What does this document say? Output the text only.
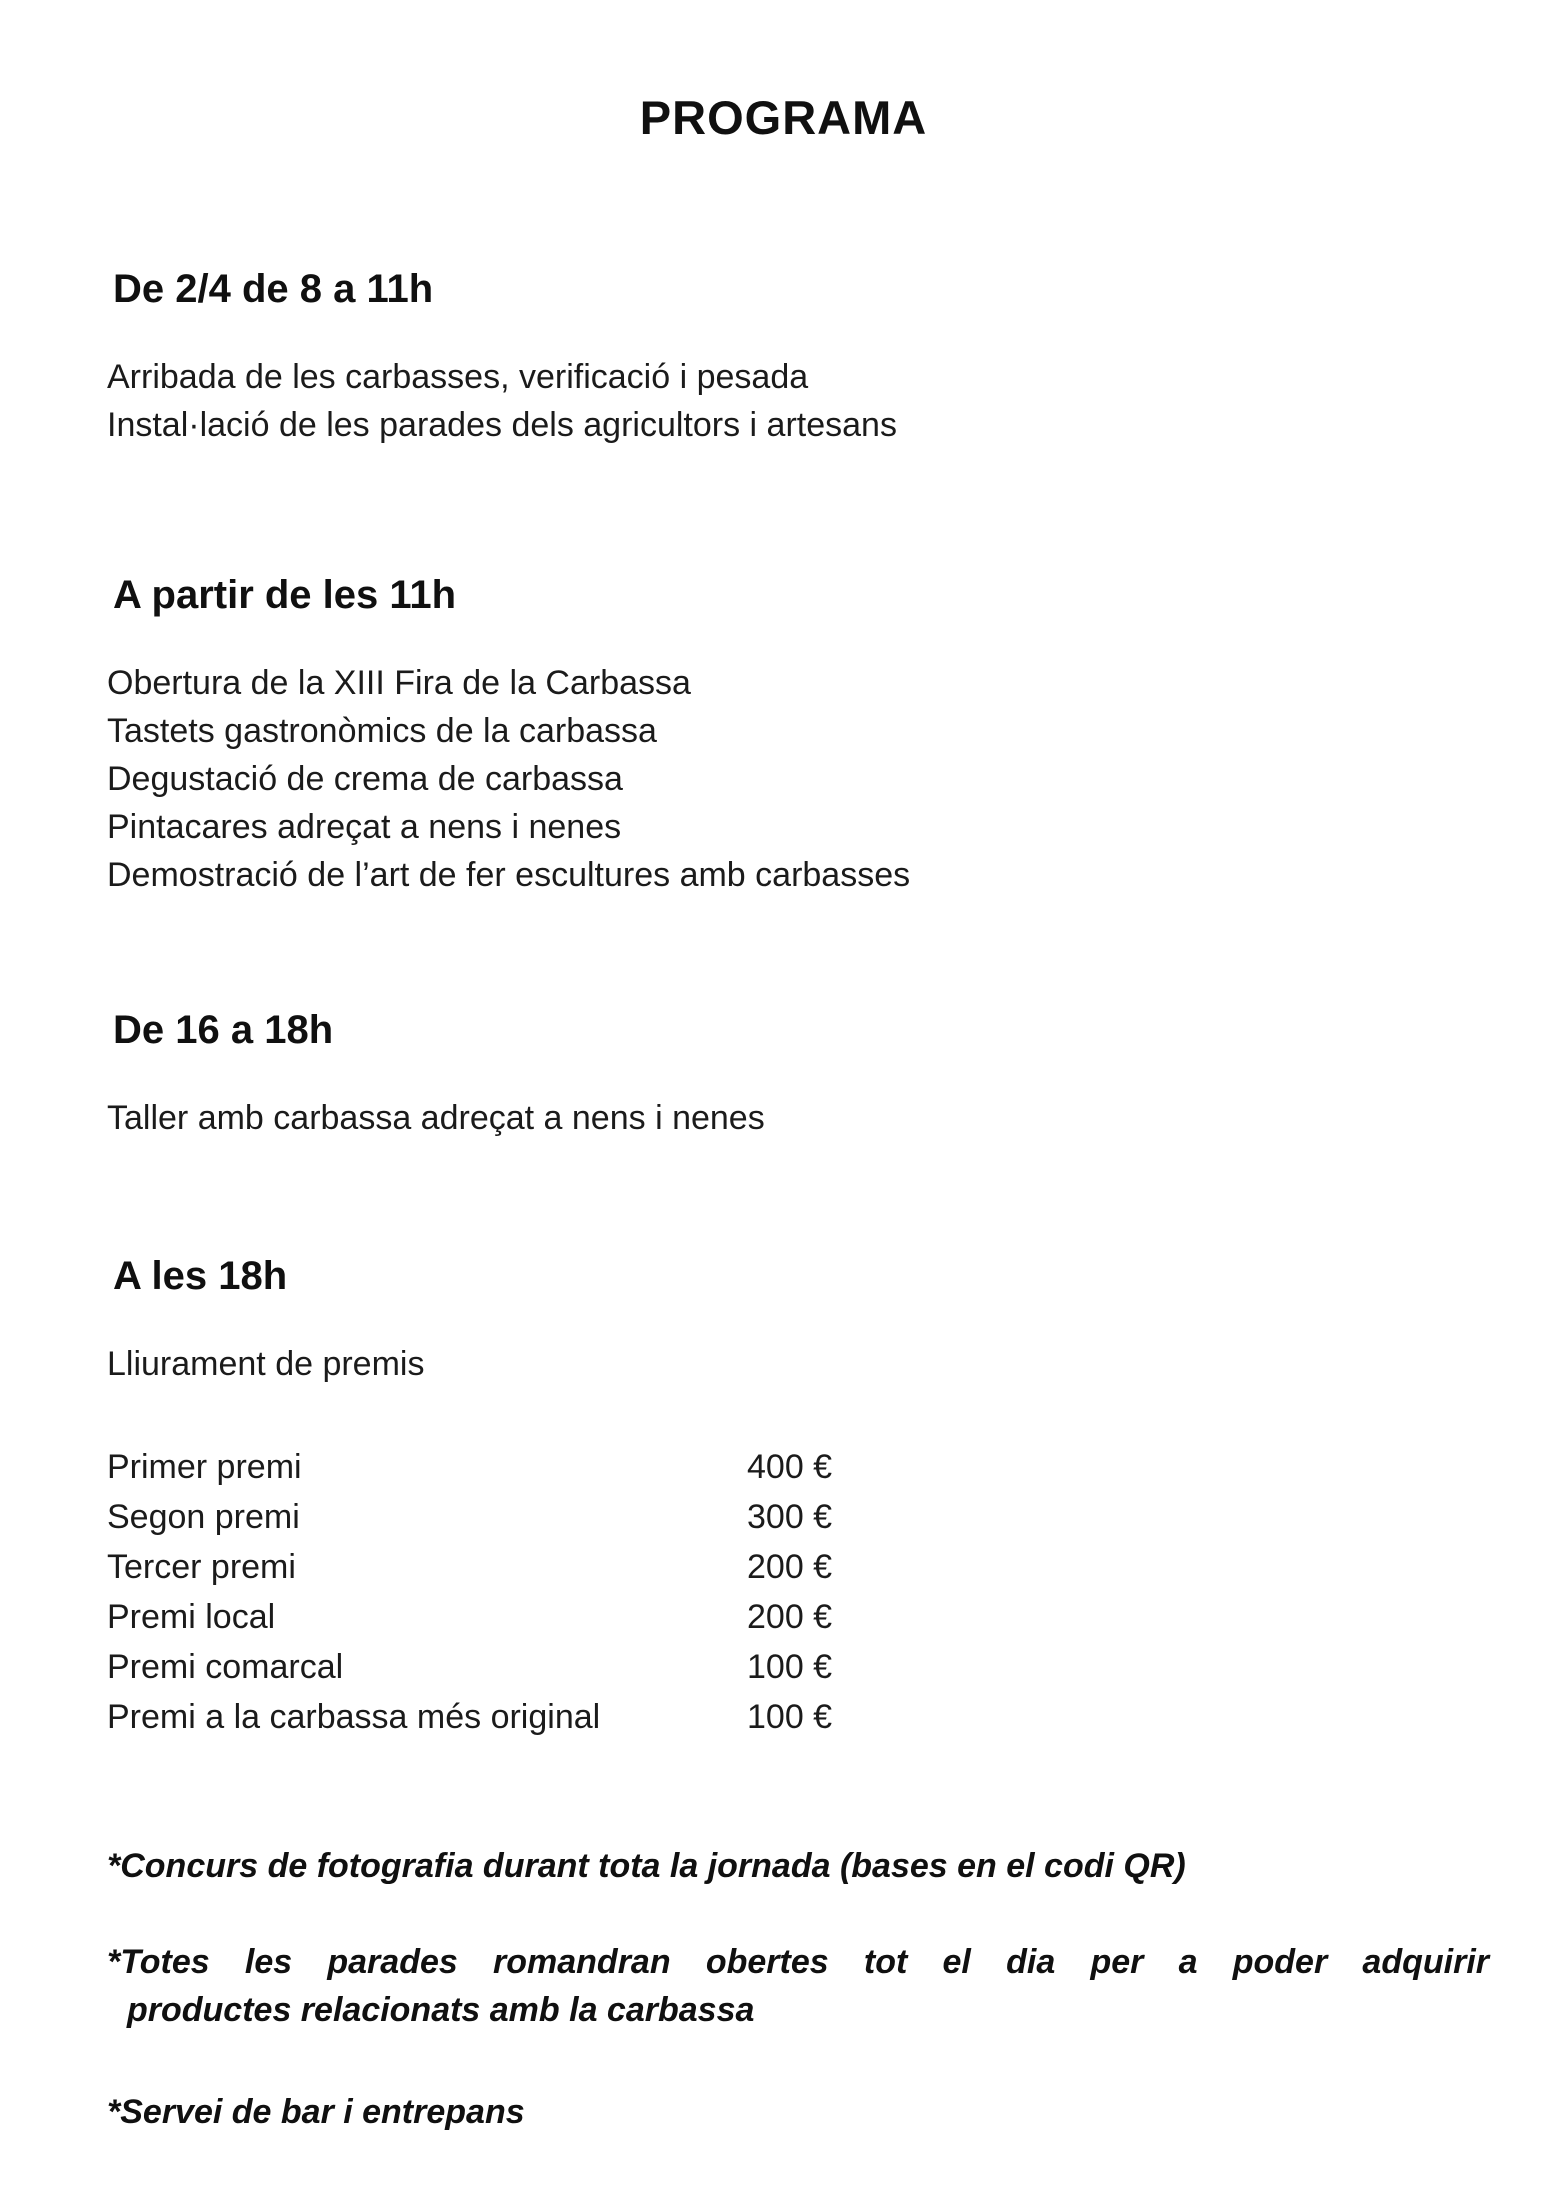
PROGRAMA
De 2/4 de 8 a 11h
Arribada de les carbasses, verificació i pesada
Instal·lació de les parades dels agricultors i artesans
A partir de les 11h
Obertura de la XIII Fira de la Carbassa
Tastets gastronòmics de la carbassa
Degustació de crema de carbassa
Pintacares adreçat a nens i nenes
Demostració de l’art de fer escultures amb carbasses
De 16 a 18h
Taller amb carbassa adreçat a nens i nenes
A les 18h
Lliurament de premis
Primer premi	400 €
Segon premi	300 €
Tercer premi	200 €
Premi local	200 €
Premi comarcal	100 €
Premi a la carbassa més original	100 €
*Concurs de fotografia durant tota la jornada (bases en el codi QR)
*Totes les parades romandran obertes tot el dia per a poder adquirir
productes relacionats amb la carbassa
*Servei de bar i entrepans
